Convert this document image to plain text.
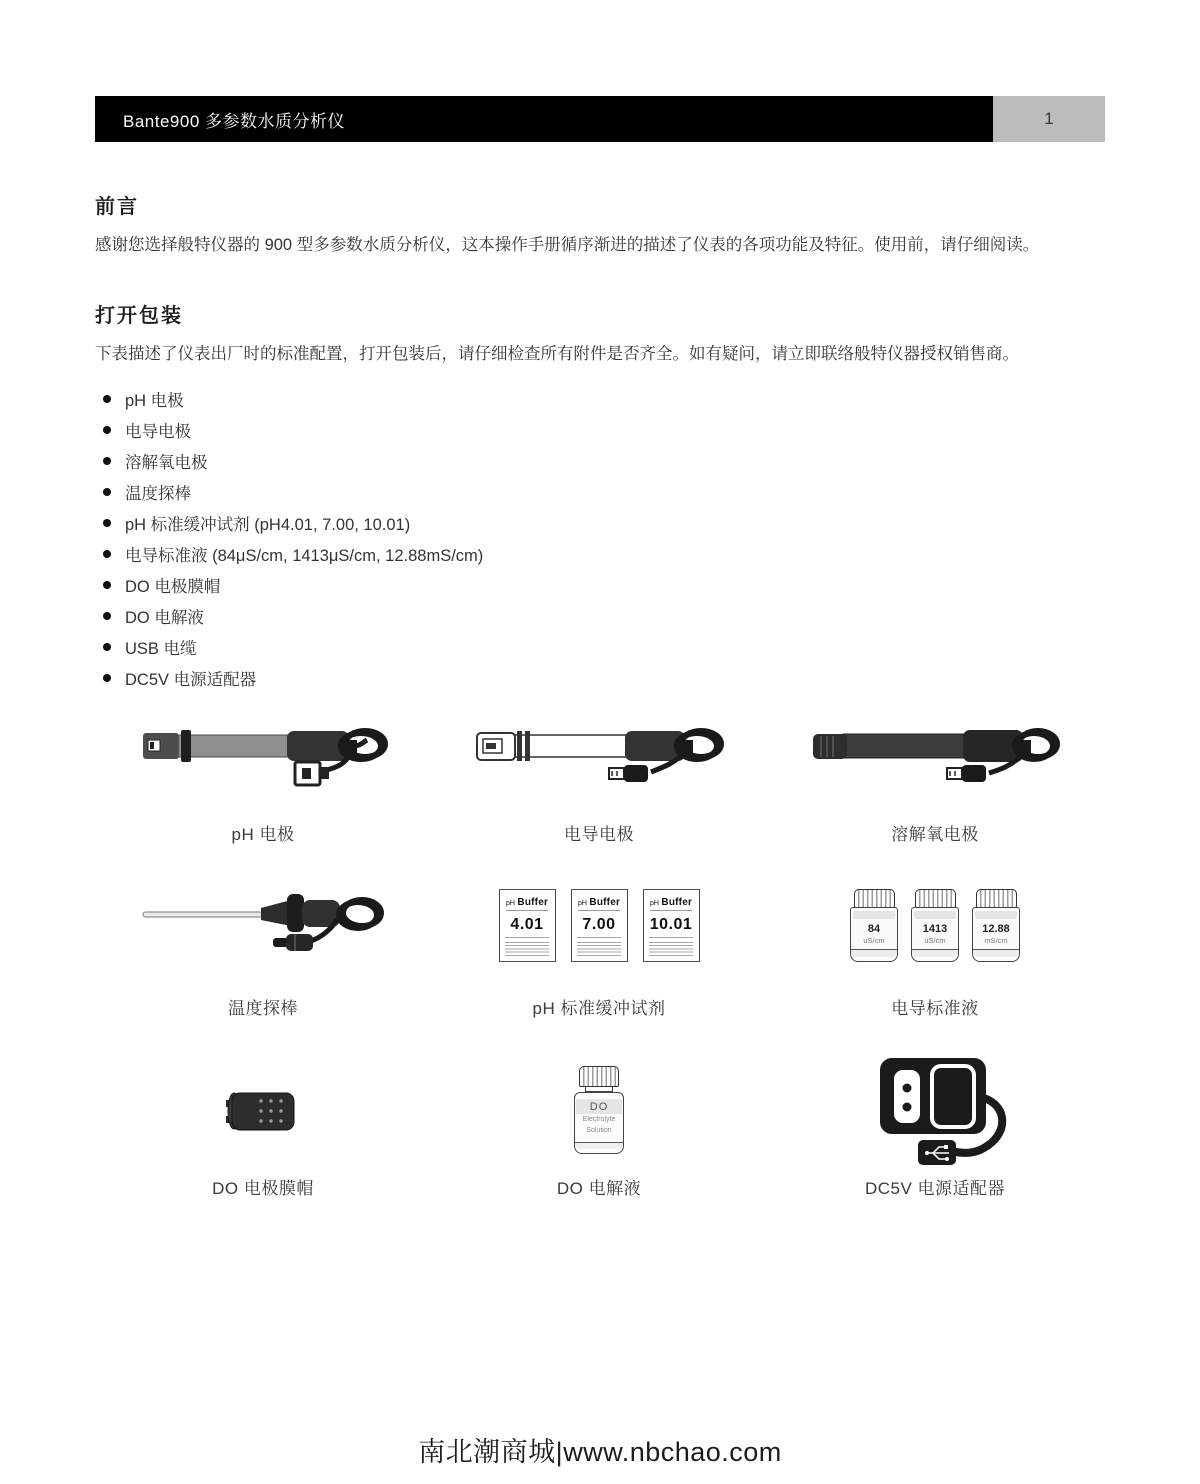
Bante900 多参数水质分析仪	1
前言
感谢您选择般特仪器的 900 型多参数水质分析仪，这本操作手册循序渐进的描述了仪表的各项功能及特征。使用前，请仔细阅读。
打开包装
下表描述了仪表出厂时的标准配置，打开包装后，请仔细检查所有附件是否齐全。如有疑问，请立即联络般特仪器授权销售商。
pH 电极
电导电极
溶解氧电极
温度探棒
pH 标准缓冲试剂 (pH4.01, 7.00, 10.01)
电导标准液 (84μS/cm, 1413μS/cm, 12.88mS/cm)
DO 电极膜帽
DO 电解液
USB 电缆
DC5V 电源适配器
pH 电极	电导电极	溶解氧电极
温度探棒
pH Buffer
4.01
pH Buffer
7.00
pH Buffer
10.01
pH 标准缓冲试剂
84
uS/cm
1413
uS/cm
12.88
mS/cm
电导标准液
DO 电极膜帽
DO
Electrolyte
Solution
DO 电解液	DC5V 电源适配器
南北潮商城|www.nbchao.com
